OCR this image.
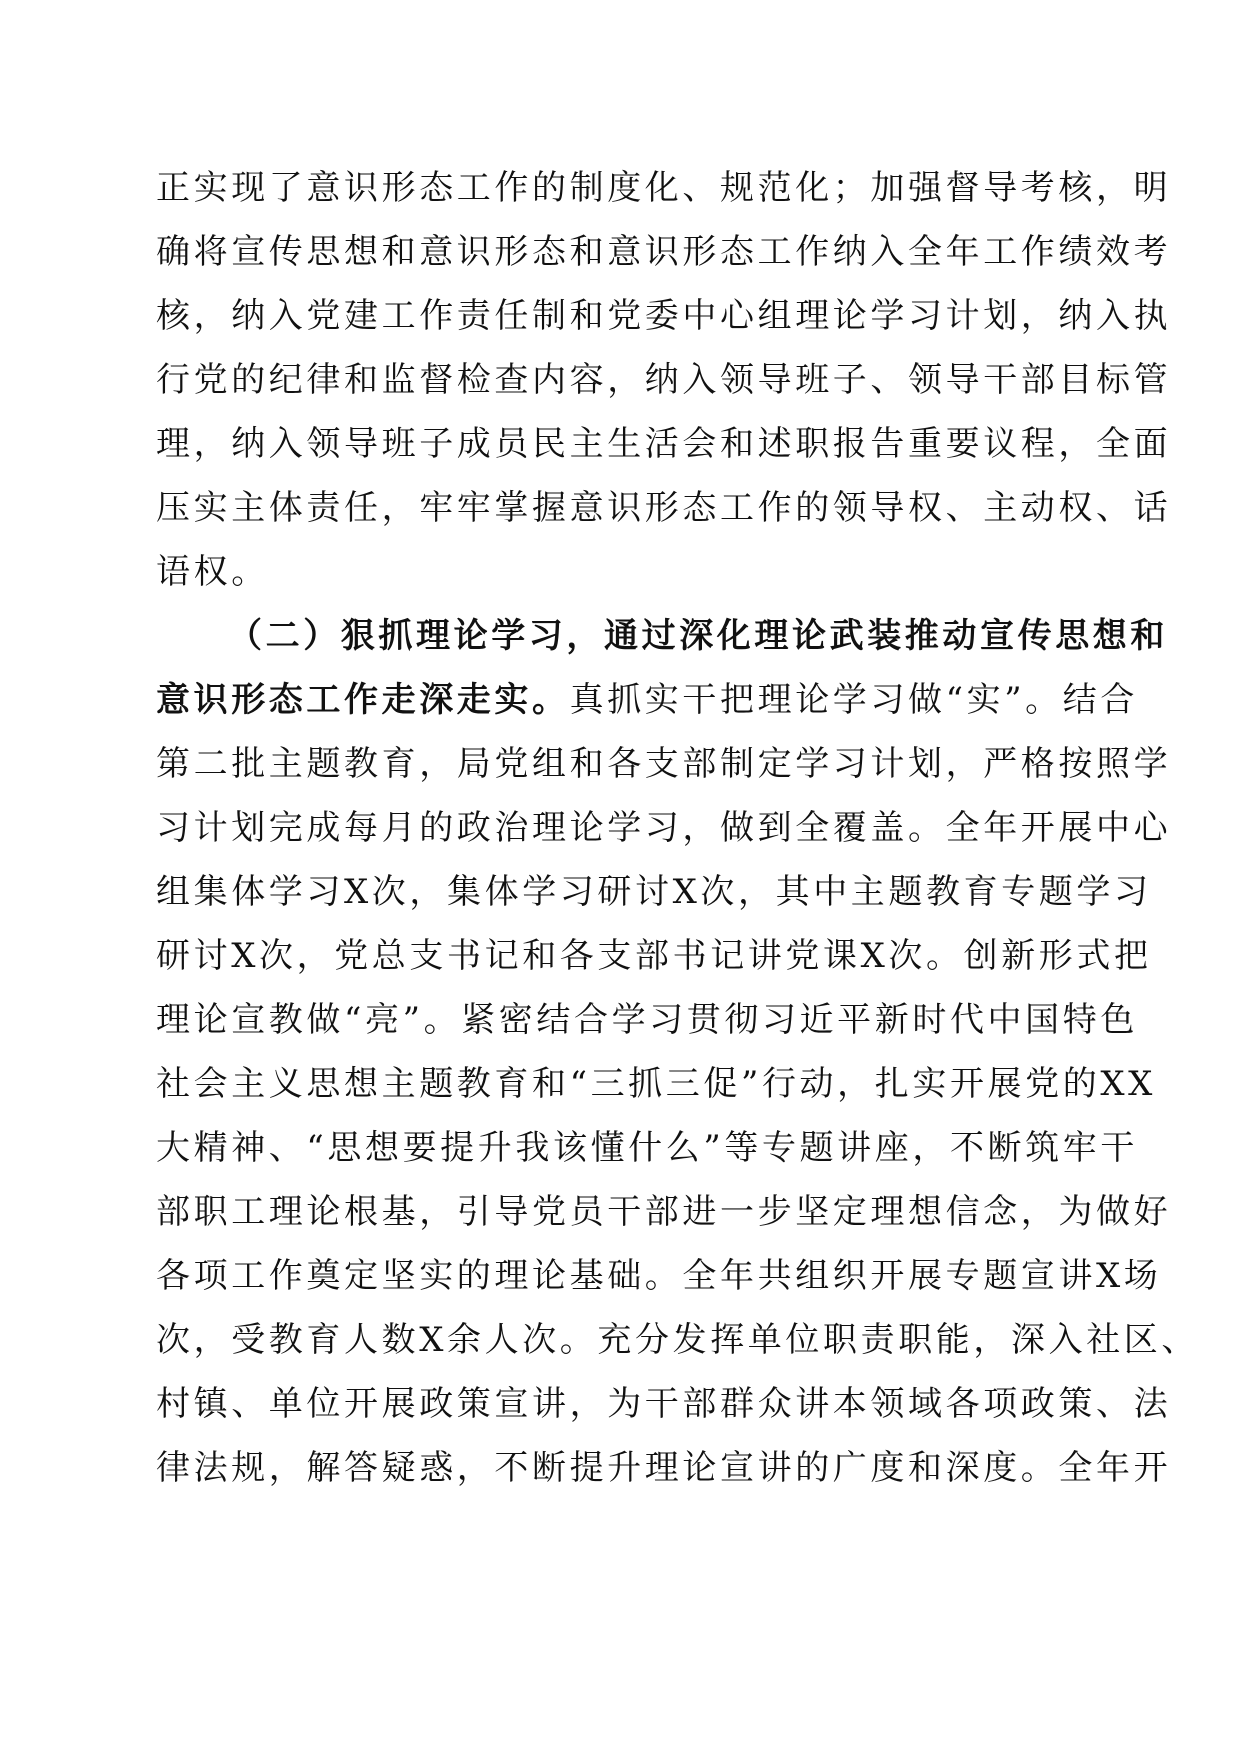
正实现了意识形态工作的制度化、规范化；加强督导考核，明
确将宣传思想和意识形态和意识形态工作纳入全年工作绩效考
核，纳入党建工作责任制和党委中心组理论学习计划，纳入执
行党的纪律和监督检查内容，纳入领导班子、领导干部目标管
理，纳入领导班子成员民主生活会和述职报告重要议程，全面
压实主体责任，牢牢掌握意识形态工作的领导权、主动权、话
语权。
（二）狠抓理论学习，通过深化理论武装推动宣传思想和
意识形态工作走深走实。真抓实干把理论学习做“实”。结合
第二批主题教育，局党组和各支部制定学习计划，严格按照学
习计划完成每月的政治理论学习，做到全覆盖。全年开展中心
组集体学习X次，集体学习研讨X次，其中主题教育专题学习
研讨X次，党总支书记和各支部书记讲党课X次。创新形式把
理论宣教做“亮”。紧密结合学习贯彻习近平新时代中国特色
社会主义思想主题教育和“三抓三促”行动，扎实开展党的XX
大精神、“思想要提升我该懂什么”等专题讲座，不断筑牢干
部职工理论根基，引导党员干部进一步坚定理想信念，为做好
各项工作奠定坚实的理论基础。全年共组织开展专题宣讲X场
次，受教育人数X余人次。充分发挥单位职责职能，深入社区、
村镇、单位开展政策宣讲，为干部群众讲本领域各项政策、法
律法规，解答疑惑，不断提升理论宣讲的广度和深度。全年开
